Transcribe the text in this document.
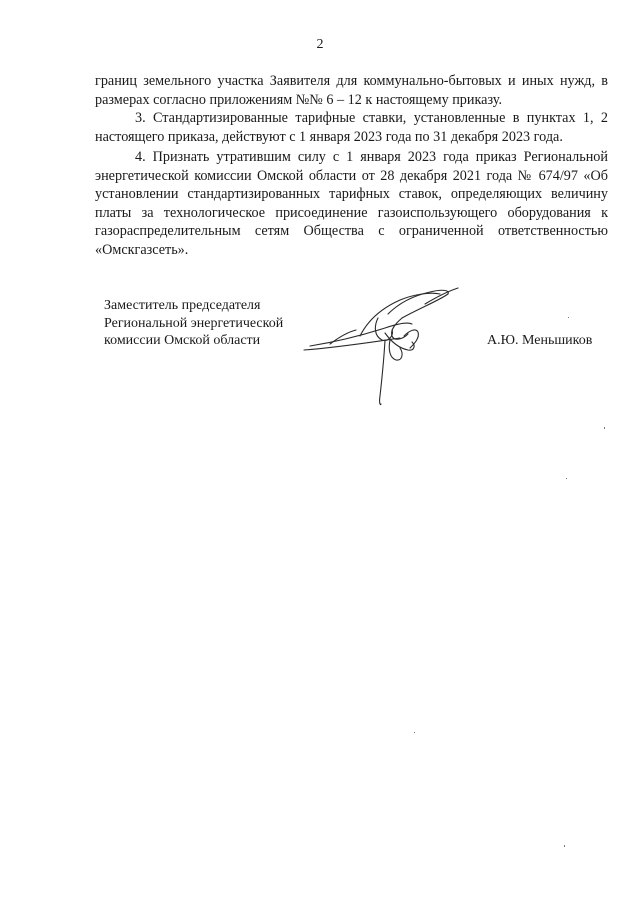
2

границ земельного участка Заявителя для коммунально-бытовых и иных нужд, в размерах согласно приложениям №№ 6 – 12 к настоящему приказу.

3. Стандартизированные тарифные ставки, установленные в пунктах 1, 2 настоящего приказа, действуют с 1 января 2023 года по 31 декабря 2023 года.

4. Признать утратившим силу с 1 января 2023 года приказ Региональной энергетической комиссии Омской области от 28 декабря 2021 года № 674/97 «Об установлении стандартизированных тарифных ставок, определяющих величину платы за технологическое присоединение газоиспользующего оборудования к газораспределительным сетям Общества с ограниченной ответственностью «Омскгазсеть».

Заместитель председателя
Региональной энергетической
комиссии Омской области	А.Ю. Меньшиков
